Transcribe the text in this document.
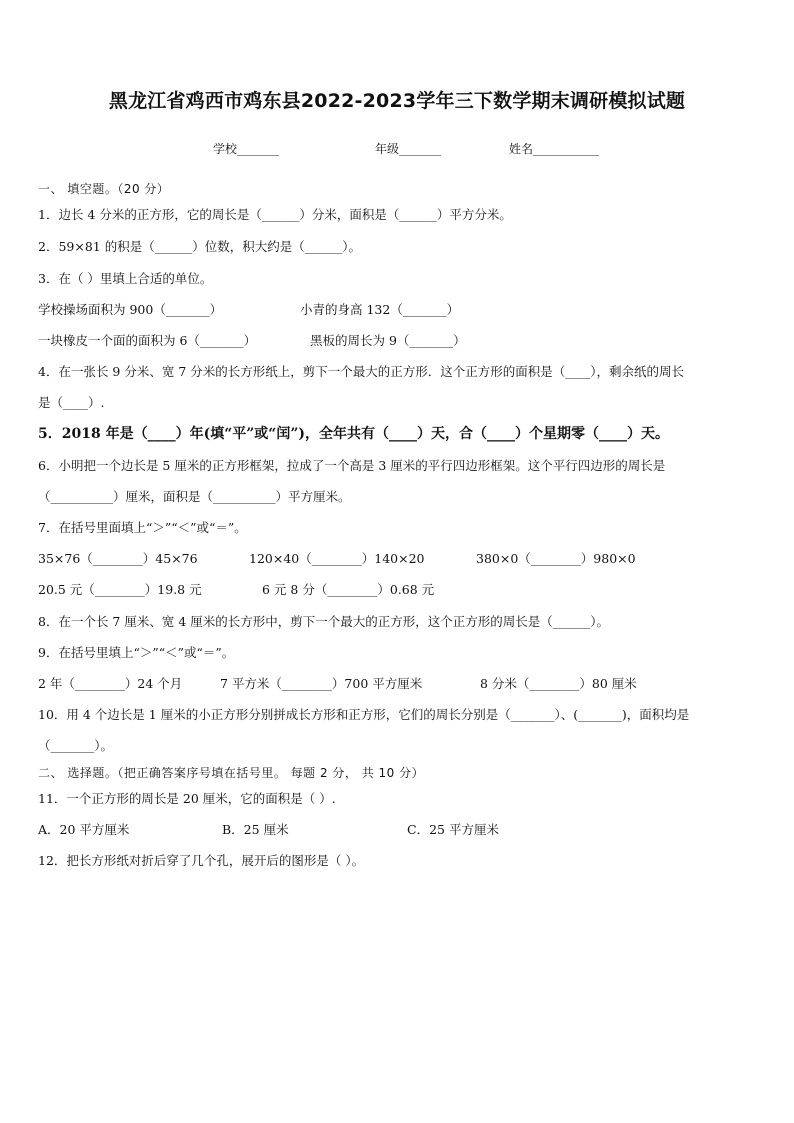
黑龙江省鸡西市鸡东县2022-2023学年三下数学期末调研模拟试题
学校_______	年级_______	姓名___________
一、 填空题。（20 分）
1．边长 4 分米的正方形，它的周长是（______）分米，面积是（______）平方分米。
2．59×81 的积是（______）位数，积大约是（______）。
3．在（ ）里填上合适的单位。
学校操场面积为 900（_______）	小青的身高 132（_______）
一块橡皮一个面的面积为 6（_______）	黑板的周长为 9（_______）
4．在一张长 9 分米、宽 7 分米的长方形纸上，剪下一个最大的正方形．这个正方形的面积是（____），剩余纸的周长
是（____）.
5．2018 年是（____）年(填“平”或“闰”)，全年共有（____）天，合（____）个星期零（____）天。
6．小明把一个边长是 5 厘米的正方形框架，拉成了一个高是 3 厘米的平行四边形框架。这个平行四边形的周长是
（__________）厘米，面积是（__________）平方厘米。
7．在括号里面填上“＞”“＜”或“＝”。
35×76（________）45×76	120×40（________）140×20	380×0（________）980×0
20.5 元（________）19.8 元	6 元 8 分（________）0.68 元
8．在一个长 7 厘米、宽 4 厘米的长方形中，剪下一个最大的正方形，这个正方形的周长是（______）。
9．在括号里填上“＞”“＜”或“＝”。
2 年（________）24 个月	7 平方米（________）700 平方厘米	8 分米（________）80 厘米
10．用 4 个边长是 1 厘米的小正方形分别拼成长方形和正方形，它们的周长分别是（_______）、(_______)，面积均是
（_______）。
二、 选择题。（把正确答案序号填在括号里。 每题 2 分， 共 10 分）
11．一个正方形的周长是 20 厘米，它的面积是（ ）.
A．20 平方厘米	B．25 厘米	C．25 平方厘米
12．把长方形纸对折后穿了几个孔，展开后的图形是（ ）。
